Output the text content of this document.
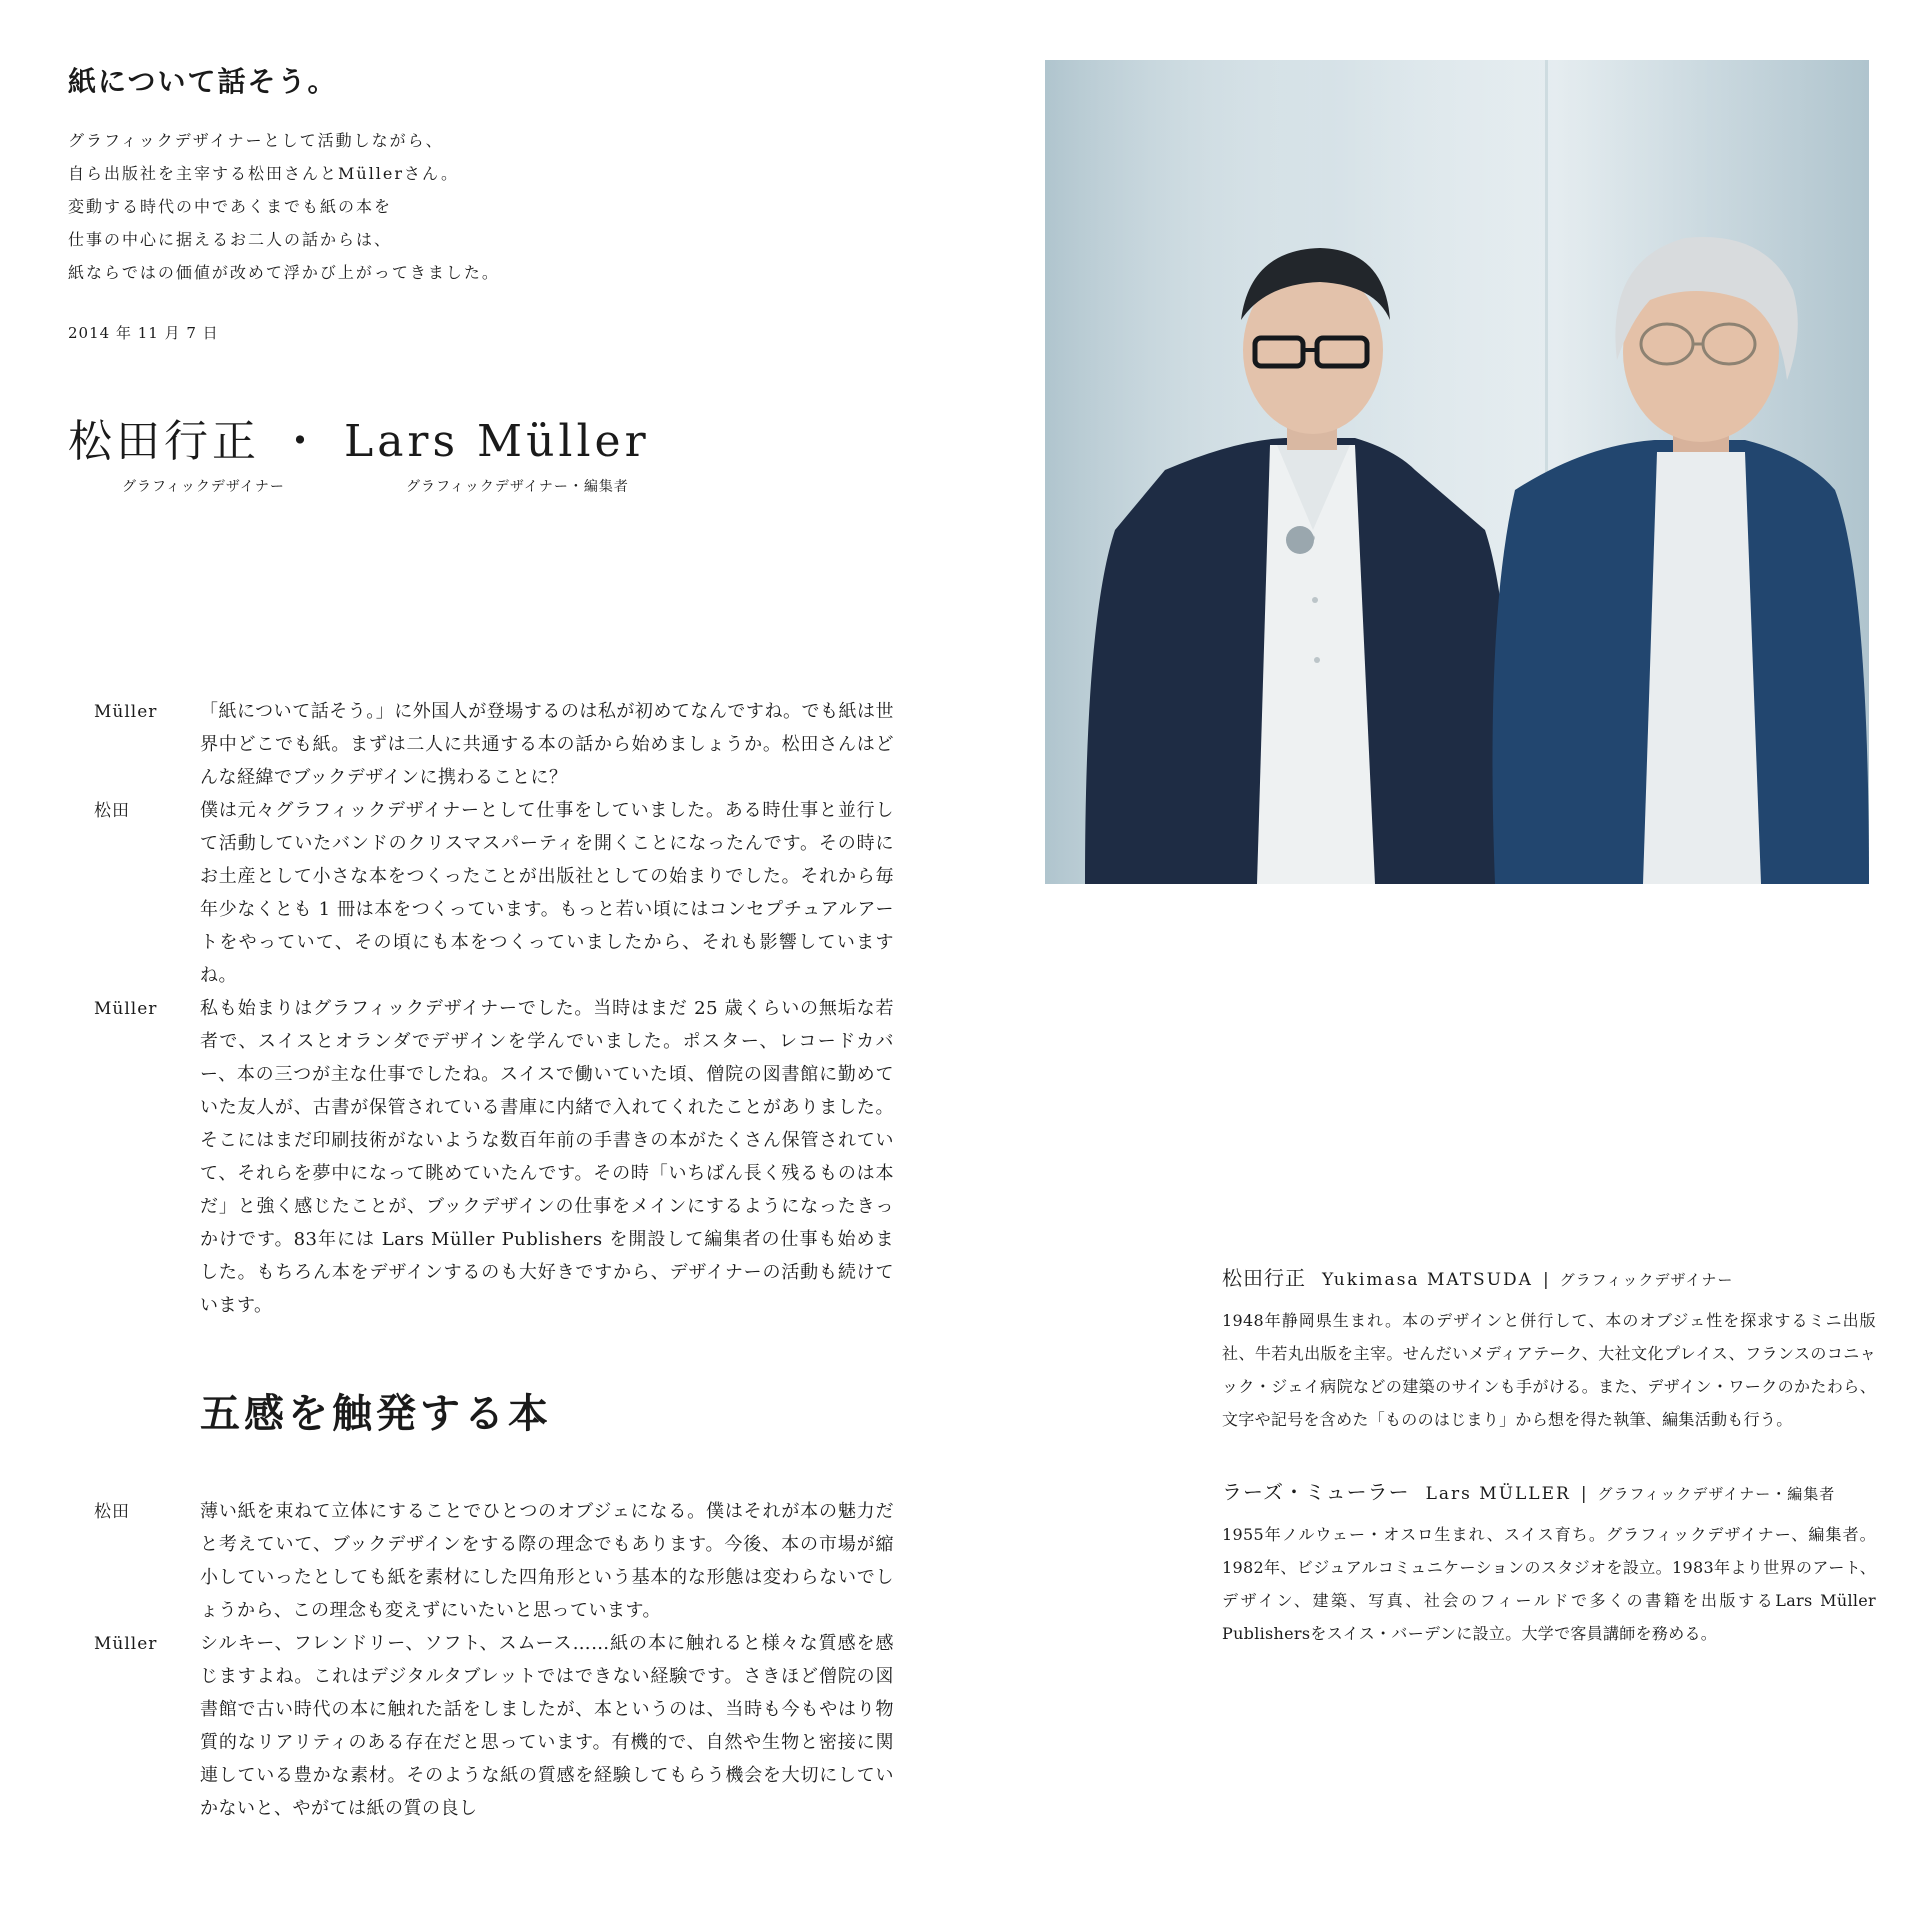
紙について話そう。

グラフィックデザイナーとして活動しながら、

自ら出版社を主宰する松田さんとMüllerさん。

変動する時代の中であくまでも紙の本を

仕事の中心に据えるお二人の話からは、

紙ならではの価値が改めて浮かび上がってきました。

2014 年 11 月 7 日
松田行正 ・ Lars Müller
グラフィックデザイナー	グラフィックデザイナー・編集者
Müller	「紙について話そう。」に外国人が登場するのは私が初めてなんですね。でも紙は世界中どこでも紙。まずは二人に共通する本の話から始めましょうか。松田さんはどんな経緯でブックデザインに携わることに？

松田	僕は元々グラフィックデザイナーとして仕事をしていました。ある時仕事と並行して活動していたバンドのクリスマスパーティを開くことになったんです。その時にお土産として小さな本をつくったことが出版社としての始まりでした。それから毎年少なくとも 1 冊は本をつくっています。もっと若い頃にはコンセプチュアルアートをやっていて、その頃にも本をつくっていましたから、それも影響していますね。

Müller	私も始まりはグラフィックデザイナーでした。当時はまだ 25 歳くらいの無垢な若者で、スイスとオランダでデザインを学んでいました。ポスター、レコードカバー、本の三つが主な仕事でしたね。スイスで働いていた頃、僧院の図書館に勤めていた友人が、古書が保管されている書庫に内緒で入れてくれたことがありました。そこにはまだ印刷技術がないような数百年前の手書きの本がたくさん保管されていて、それらを夢中になって眺めていたんです。その時「いちばん長く残るものは本だ」と強く感じたことが、ブックデザインの仕事をメインにするようになったきっかけです。83年には Lars Müller Publishers を開設して編集者の仕事も始めました。もちろん本をデザインするのも大好きですから、デザイナーの活動も続けています。

五感を触発する本
松田	薄い紙を束ねて立体にすることでひとつのオブジェになる。僕はそれが本の魅力だと考えていて、ブックデザインをする際の理念でもあります。今後、本の市場が縮小していったとしても紙を素材にした四角形という基本的な形態は変わらないでしょうから、この理念も変えずにいたいと思っています。

Müller	シルキー、フレンドリー、ソフト、スムース……紙の本に触れると様々な質感を感じますよね。これはデジタルタブレットではできない経験です。さきほど僧院の図書館で古い時代の本に触れた話をしましたが、本というのは、当時も今もやはり物質的なリアリティのある存在だと思っています。有機的で、自然や生物と密接に関連している豊かな素材。そのような紙の質感を経験してもらう機会を大切にしていかないと、やがては紙の質の良し

松田行正 Yukimasa MATSUDA | グラフィックデザイナー

1948年静岡県生まれ。本のデザインと併行して、本のオブジェ性を探求するミニ出版社、牛若丸出版を主宰。せんだいメディアテーク、大社文化プレイス、フランスのコニャック・ジェイ病院などの建築のサインも手がける。また、デザイン・ワークのかたわら、文字や記号を含めた「もののはじまり」から想を得た執筆、編集活動も行う。

ラーズ・ミューラー Lars MÜLLER | グラフィックデザイナー・編集者

1955年ノルウェー・オスロ生まれ、スイス育ち。グラフィックデザイナー、編集者。1982年、ビジュアルコミュニケーションのスタジオを設立。1983年より世界のアート、デザイン、建築、写真、社会のフィールドで多くの書籍を出版するLars Müller Publishersをスイス・バーデンに設立。大学で客員講師を務める。
